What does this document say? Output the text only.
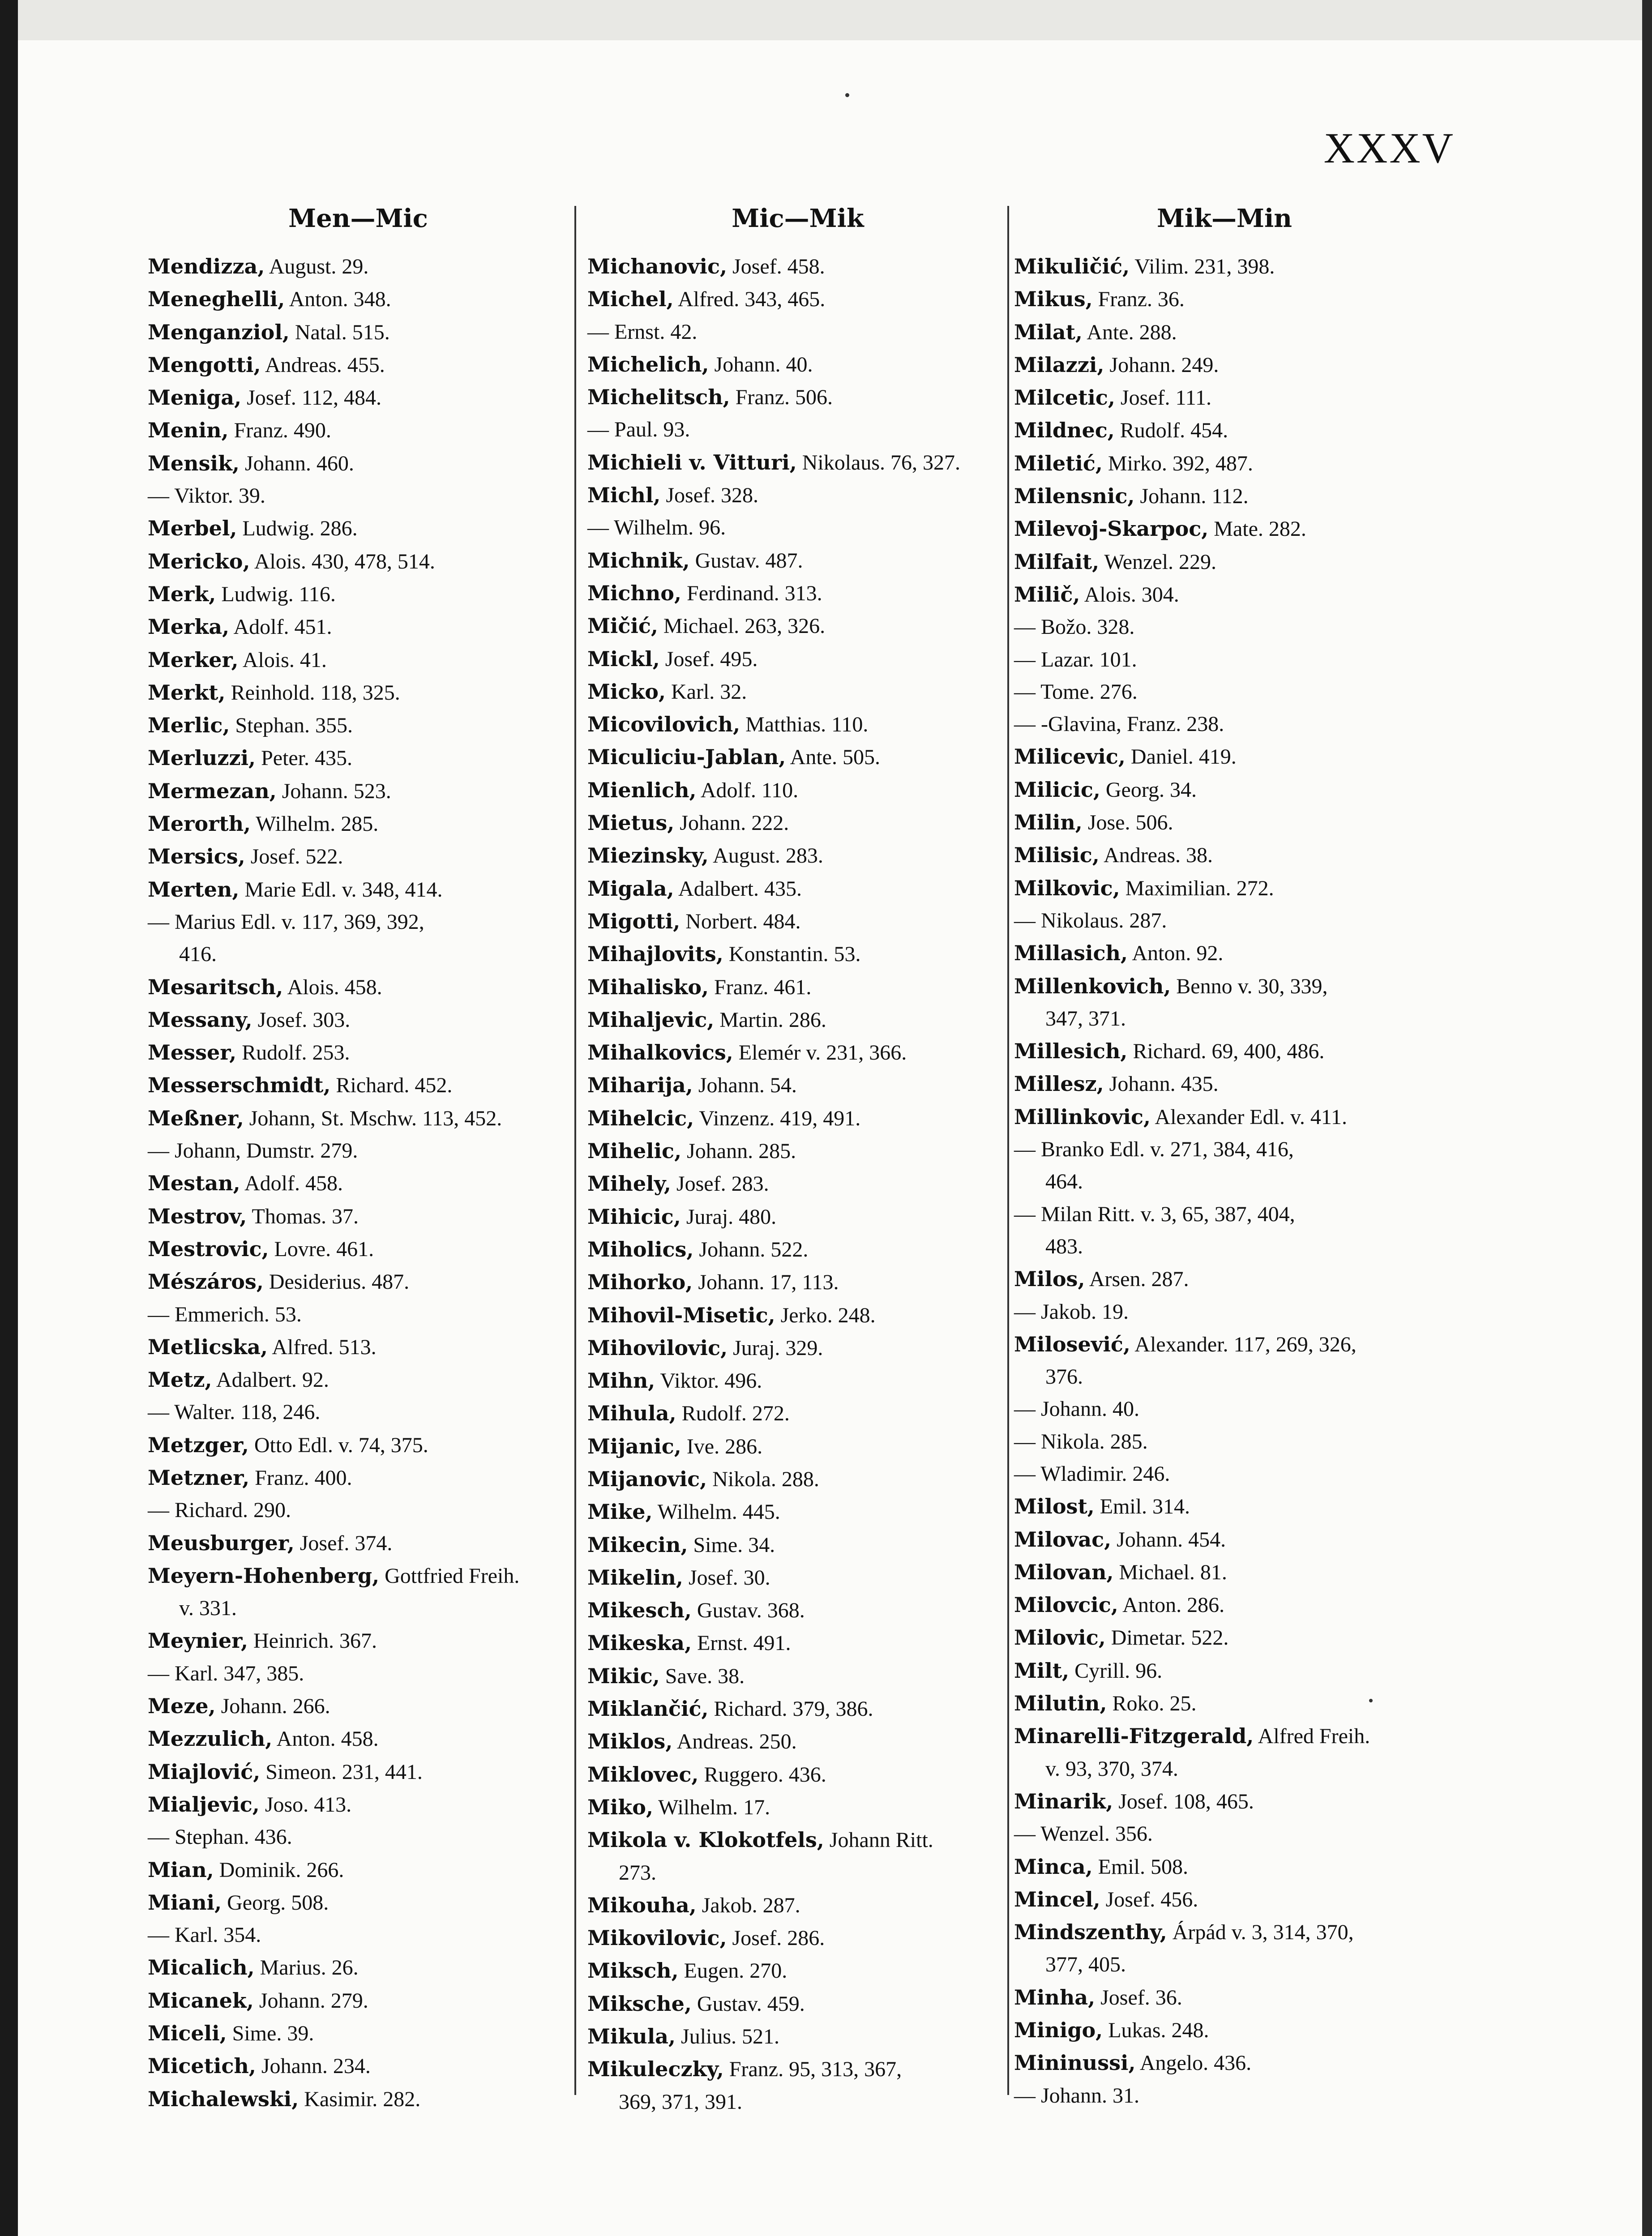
XXXV
Men—Mic
Mendizza, August. 29.
Meneghelli, Anton. 348.
Menganziol, Natal. 515.
Mengotti, Andreas. 455.
Meniga, Josef. 112, 484.
Menin, Franz. 490.
Mensik, Johann. 460.
— Viktor. 39.
Merbel, Ludwig. 286.
Mericko, Alois. 430, 478, 514.
Merk, Ludwig. 116.
Merka, Adolf. 451.
Merker, Alois. 41.
Merkt, Reinhold. 118, 325.
Merlic, Stephan. 355.
Merluzzi, Peter. 435.
Mermezan, Johann. 523.
Merorth, Wilhelm. 285.
Mersics, Josef. 522.
Merten, Marie Edl. v. 348, 414.
— Marius Edl. v. 117, 369, 392,
416.
Mesaritsch, Alois. 458.
Messany, Josef. 303.
Messer, Rudolf. 253.
Messerschmidt, Richard. 452.
Meßner, Johann, St. Mschw. 113, 452.
— Johann, Dumstr. 279.
Mestan, Adolf. 458.
Mestrov, Thomas. 37.
Mestrovic, Lovre. 461.
Mészáros, Desiderius. 487.
— Emmerich. 53.
Metlicska, Alfred. 513.
Metz, Adalbert. 92.
— Walter. 118, 246.
Metzger, Otto Edl. v. 74, 375.
Metzner, Franz. 400.
— Richard. 290.
Meusburger, Josef. 374.
Meyern-Hohenberg, Gottfried Freih.
v. 331.
Meynier, Heinrich. 367.
— Karl. 347, 385.
Meze, Johann. 266.
Mezzulich, Anton. 458.
Miajlović, Simeon. 231, 441.
Mialjevic, Joso. 413.
— Stephan. 436.
Mian, Dominik. 266.
Miani, Georg. 508.
— Karl. 354.
Micalich, Marius. 26.
Micanek, Johann. 279.
Miceli, Sime. 39.
Micetich, Johann. 234.
Michalewski, Kasimir. 282.
Mic—Mik
Michanovic, Josef. 458.
Michel, Alfred. 343, 465.
— Ernst. 42.
Michelich, Johann. 40.
Michelitsch, Franz. 506.
— Paul. 93.
Michieli v. Vitturi, Nikolaus. 76, 327.
Michl, Josef. 328.
— Wilhelm. 96.
Michnik, Gustav. 487.
Michno, Ferdinand. 313.
Mičić, Michael. 263, 326.
Mickl, Josef. 495.
Micko, Karl. 32.
Micovilovich, Matthias. 110.
Miculiciu-Jablan, Ante. 505.
Mienlich, Adolf. 110.
Mietus, Johann. 222.
Miezinsky, August. 283.
Migala, Adalbert. 435.
Migotti, Norbert. 484.
Mihajlovits, Konstantin. 53.
Mihalisko, Franz. 461.
Mihaljevic, Martin. 286.
Mihalkovics, Elemér v. 231, 366.
Miharija, Johann. 54.
Mihelcic, Vinzenz. 419, 491.
Mihelic, Johann. 285.
Mihely, Josef. 283.
Mihicic, Juraj. 480.
Miholics, Johann. 522.
Mihorko, Johann. 17, 113.
Mihovil-Misetic, Jerko. 248.
Mihovilovic, Juraj. 329.
Mihn, Viktor. 496.
Mihula, Rudolf. 272.
Mijanic, Ive. 286.
Mijanovic, Nikola. 288.
Mike, Wilhelm. 445.
Mikecin, Sime. 34.
Mikelin, Josef. 30.
Mikesch, Gustav. 368.
Mikeska, Ernst. 491.
Mikic, Save. 38.
Miklančić, Richard. 379, 386.
Miklos, Andreas. 250.
Miklovec, Ruggero. 436.
Miko, Wilhelm. 17.
Mikola v. Klokotfels, Johann Ritt.
273.
Mikouha, Jakob. 287.
Mikovilovic, Josef. 286.
Miksch, Eugen. 270.
Miksche, Gustav. 459.
Mikula, Julius. 521.
Mikuleczky, Franz. 95, 313, 367,
369, 371, 391.
Mik—Min
Mikuličić, Vilim. 231, 398.
Mikus, Franz. 36.
Milat, Ante. 288.
Milazzi, Johann. 249.
Milcetic, Josef. 111.
Mildnec, Rudolf. 454.
Miletić, Mirko. 392, 487.
Milensnic, Johann. 112.
Milevoj-Skarpoc, Mate. 282.
Milfait, Wenzel. 229.
Milič, Alois. 304.
— Božo. 328.
— Lazar. 101.
— Tome. 276.
— -Glavina, Franz. 238.
Milicevic, Daniel. 419.
Milicic, Georg. 34.
Milin, Jose. 506.
Milisic, Andreas. 38.
Milkovic, Maximilian. 272.
— Nikolaus. 287.
Millasich, Anton. 92.
Millenkovich, Benno v. 30, 339,
347, 371.
Millesich, Richard. 69, 400, 486.
Millesz, Johann. 435.
Millinkovic, Alexander Edl. v. 411.
— Branko Edl. v. 271, 384, 416,
464.
— Milan Ritt. v. 3, 65, 387, 404,
483.
Milos, Arsen. 287.
— Jakob. 19.
Milosević, Alexander. 117, 269, 326,
376.
— Johann. 40.
— Nikola. 285.
— Wladimir. 246.
Milost, Emil. 314.
Milovac, Johann. 454.
Milovan, Michael. 81.
Milovcic, Anton. 286.
Milovic, Dimetar. 522.
Milt, Cyrill. 96.
Milutin, Roko. 25.
Minarelli-Fitzgerald, Alfred Freih.
v. 93, 370, 374.
Minarik, Josef. 108, 465.
— Wenzel. 356.
Minca, Emil. 508.
Mincel, Josef. 456.
Mindszenthy, Árpád v. 3, 314, 370,
377, 405.
Minha, Josef. 36.
Minigo, Lukas. 248.
Mininussi, Angelo. 436.
— Johann. 31.
